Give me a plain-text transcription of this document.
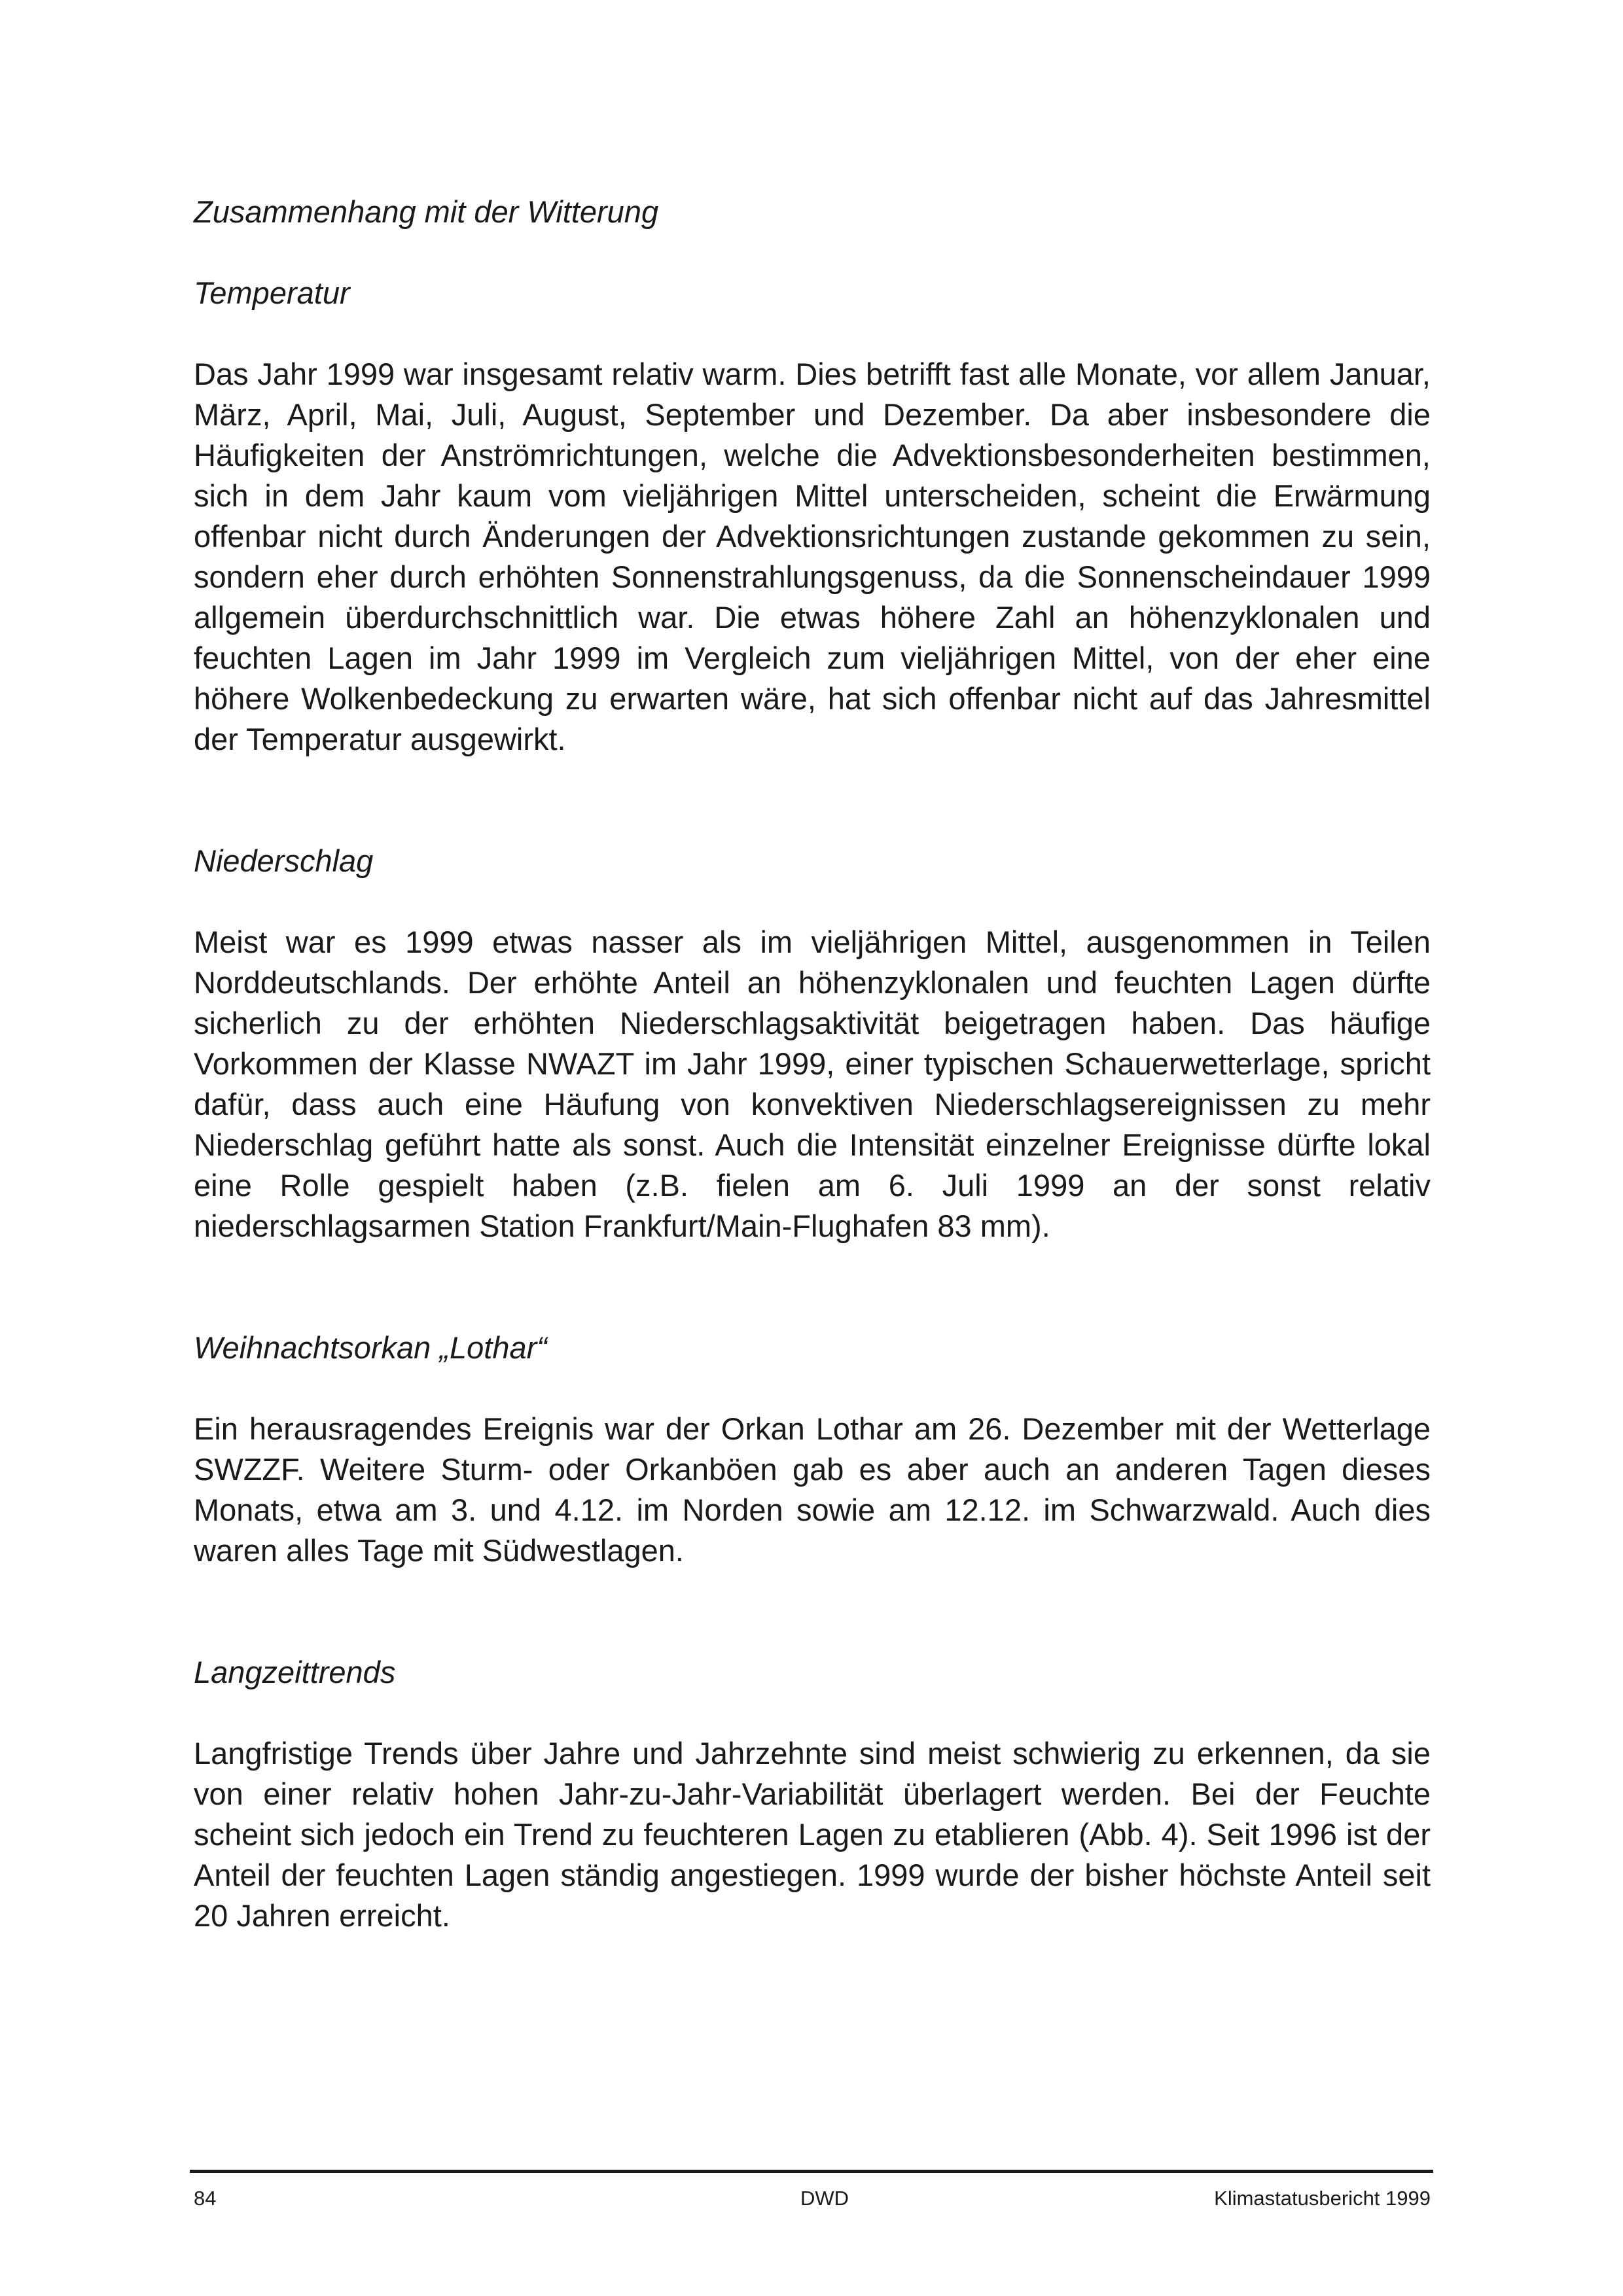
Zusammenhang mit der Witterung

Temperatur

Das Jahr 1999 war insgesamt relativ warm. Dies betrifft fast alle Monate, vor allem Januar, März, April, Mai, Juli, August, September und Dezember. Da aber insbesondere die Häufigkeiten der Anströmrichtungen, welche die Advektionsbesonderheiten bestimmen, sich in dem Jahr kaum vom vieljährigen Mittel unterscheiden, scheint die Erwärmung offenbar nicht durch Änderungen der Advektionsrichtungen zustande gekommen zu sein, sondern eher durch erhöhten Sonnenstrahlungsgenuss, da die Sonnenscheindauer 1999 allgemein überdurchschnittlich war. Die etwas höhere Zahl an höhenzyklonalen und feuchten Lagen im Jahr 1999 im Vergleich zum vieljährigen Mittel, von der eher eine höhere Wolkenbedeckung zu erwarten wäre, hat sich offenbar nicht auf das Jahresmittel der Temperatur ausgewirkt.

Niederschlag

Meist war es 1999 etwas nasser als im vieljährigen Mittel, ausgenommen in Teilen Norddeutschlands. Der erhöhte Anteil an höhenzyklonalen und feuchten Lagen dürfte sicherlich zu der erhöhten Niederschlagsaktivität beigetragen haben. Das häufige Vorkommen der Klasse NWAZT im Jahr 1999, einer typischen Schauerwetterlage, spricht dafür, dass auch eine Häufung von konvektiven Niederschlagsereignissen zu mehr Niederschlag geführt hatte als sonst. Auch die Intensität einzelner Ereignisse dürfte lokal eine Rolle gespielt haben (z.B. fielen am 6. Juli 1999 an der sonst relativ niederschlagsarmen Station Frankfurt/Main-Flughafen 83 mm).

Weihnachtsorkan „Lothar“

Ein herausragendes Ereignis war der Orkan Lothar am 26. Dezember mit der Wetterlage SWZZF. Weitere Sturm- oder Orkanböen gab es aber auch an anderen Tagen dieses Monats, etwa am 3. und 4.12. im Norden sowie am 12.12. im Schwarzwald. Auch dies waren alles Tage mit Südwestlagen.

Langzeittrends

Langfristige Trends über Jahre und Jahrzehnte sind meist schwierig zu erkennen, da sie von einer relativ hohen Jahr-zu-Jahr-Variabilität überlagert werden. Bei der Feuchte scheint sich jedoch ein Trend zu feuchteren Lagen zu etablieren (Abb. 4). Seit 1996 ist der Anteil der feuchten Lagen ständig angestiegen. 1999 wurde der bisher höchste Anteil seit 20 Jahren erreicht.

84	DWD	Klimastatusbericht 1999
